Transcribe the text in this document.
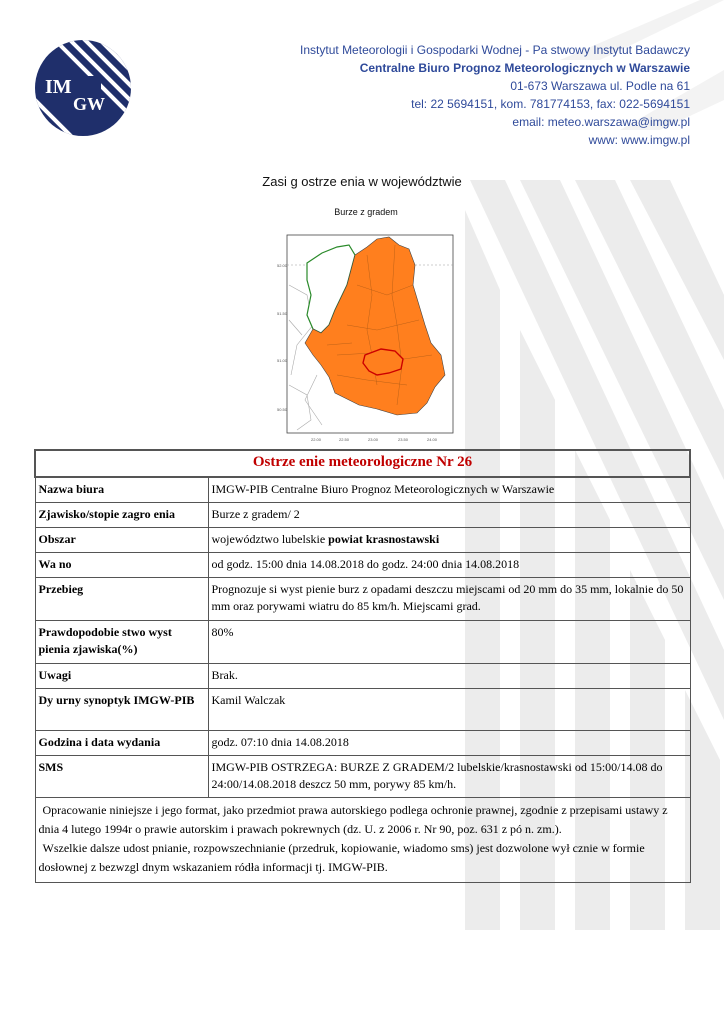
IM
GW
Instytut Meteorologii i Gospodarki Wodnej - Pa stwowy Instytut Badawczy
Centralne Biuro Prognoz Meteorologicznych w Warszawie
01-673 Warszawa ul. Podle na 61
tel: 22 5694151, kom. 781774153, fax: 022-5694151
email: meteo.warszawa@imgw.pl
www: www.imgw.pl
Zasi g ostrze enia w województwie
Burze z gradem
52.00
51.50
51.00
50.50
22.00	22.50	23.00	23.50	24.00
Ostrze enie meteorologiczne Nr 26	
Nazwa biura	IMGW-PIB Centralne Biuro Prognoz Meteorologicznych w Warszawie
Zjawisko/stopie zagro enia	Burze z gradem/ 2
Obszar	województwo lubelskie powiat krasnostawski
Wa no	od godz. 15:00 dnia 14.08.2018 do godz. 24:00 dnia 14.08.2018
Przebieg	Prognozuje si wyst pienie burz z opadami deszczu miejscami od 20 mm do 35 mm, lokalnie do 50 mm oraz porywami wiatru do 85 km/h. Miejscami grad.
Prawdopodobie stwo wyst pienia zjawiska(%)	80%
Uwagi	Brak.
Dy urny synoptyk IMGW-PIB	Kamil Walczak
Godzina i data wydania	godz. 07:10 dnia 14.08.2018
SMS	IMGW-PIB OSTRZEGA: BURZE Z GRADEM/2 lubelskie/krasnostawski od 15:00/14.08 do 24:00/14.08.2018 deszcz 50 mm, porywy 85 km/h.

Opracowanie niniejsze i jego format, jako przedmiot prawa autorskiego podlega ochronie prawnej, zgodnie z przepisami ustawy z dnia 4 lutego 1994r o prawie autorskim i prawach pokrewnych (dz. U. z 2006 r. Nr 90, poz. 631 z pó n. zm.).
Wszelkie dalsze udost pnianie, rozpowszechnianie (przedruk, kopiowanie, wiadomo sms) jest dozwolone wył cznie w formie dosłownej z bezwzgl dnym wskazaniem ródła informacji tj. IMGW-PIB.	
